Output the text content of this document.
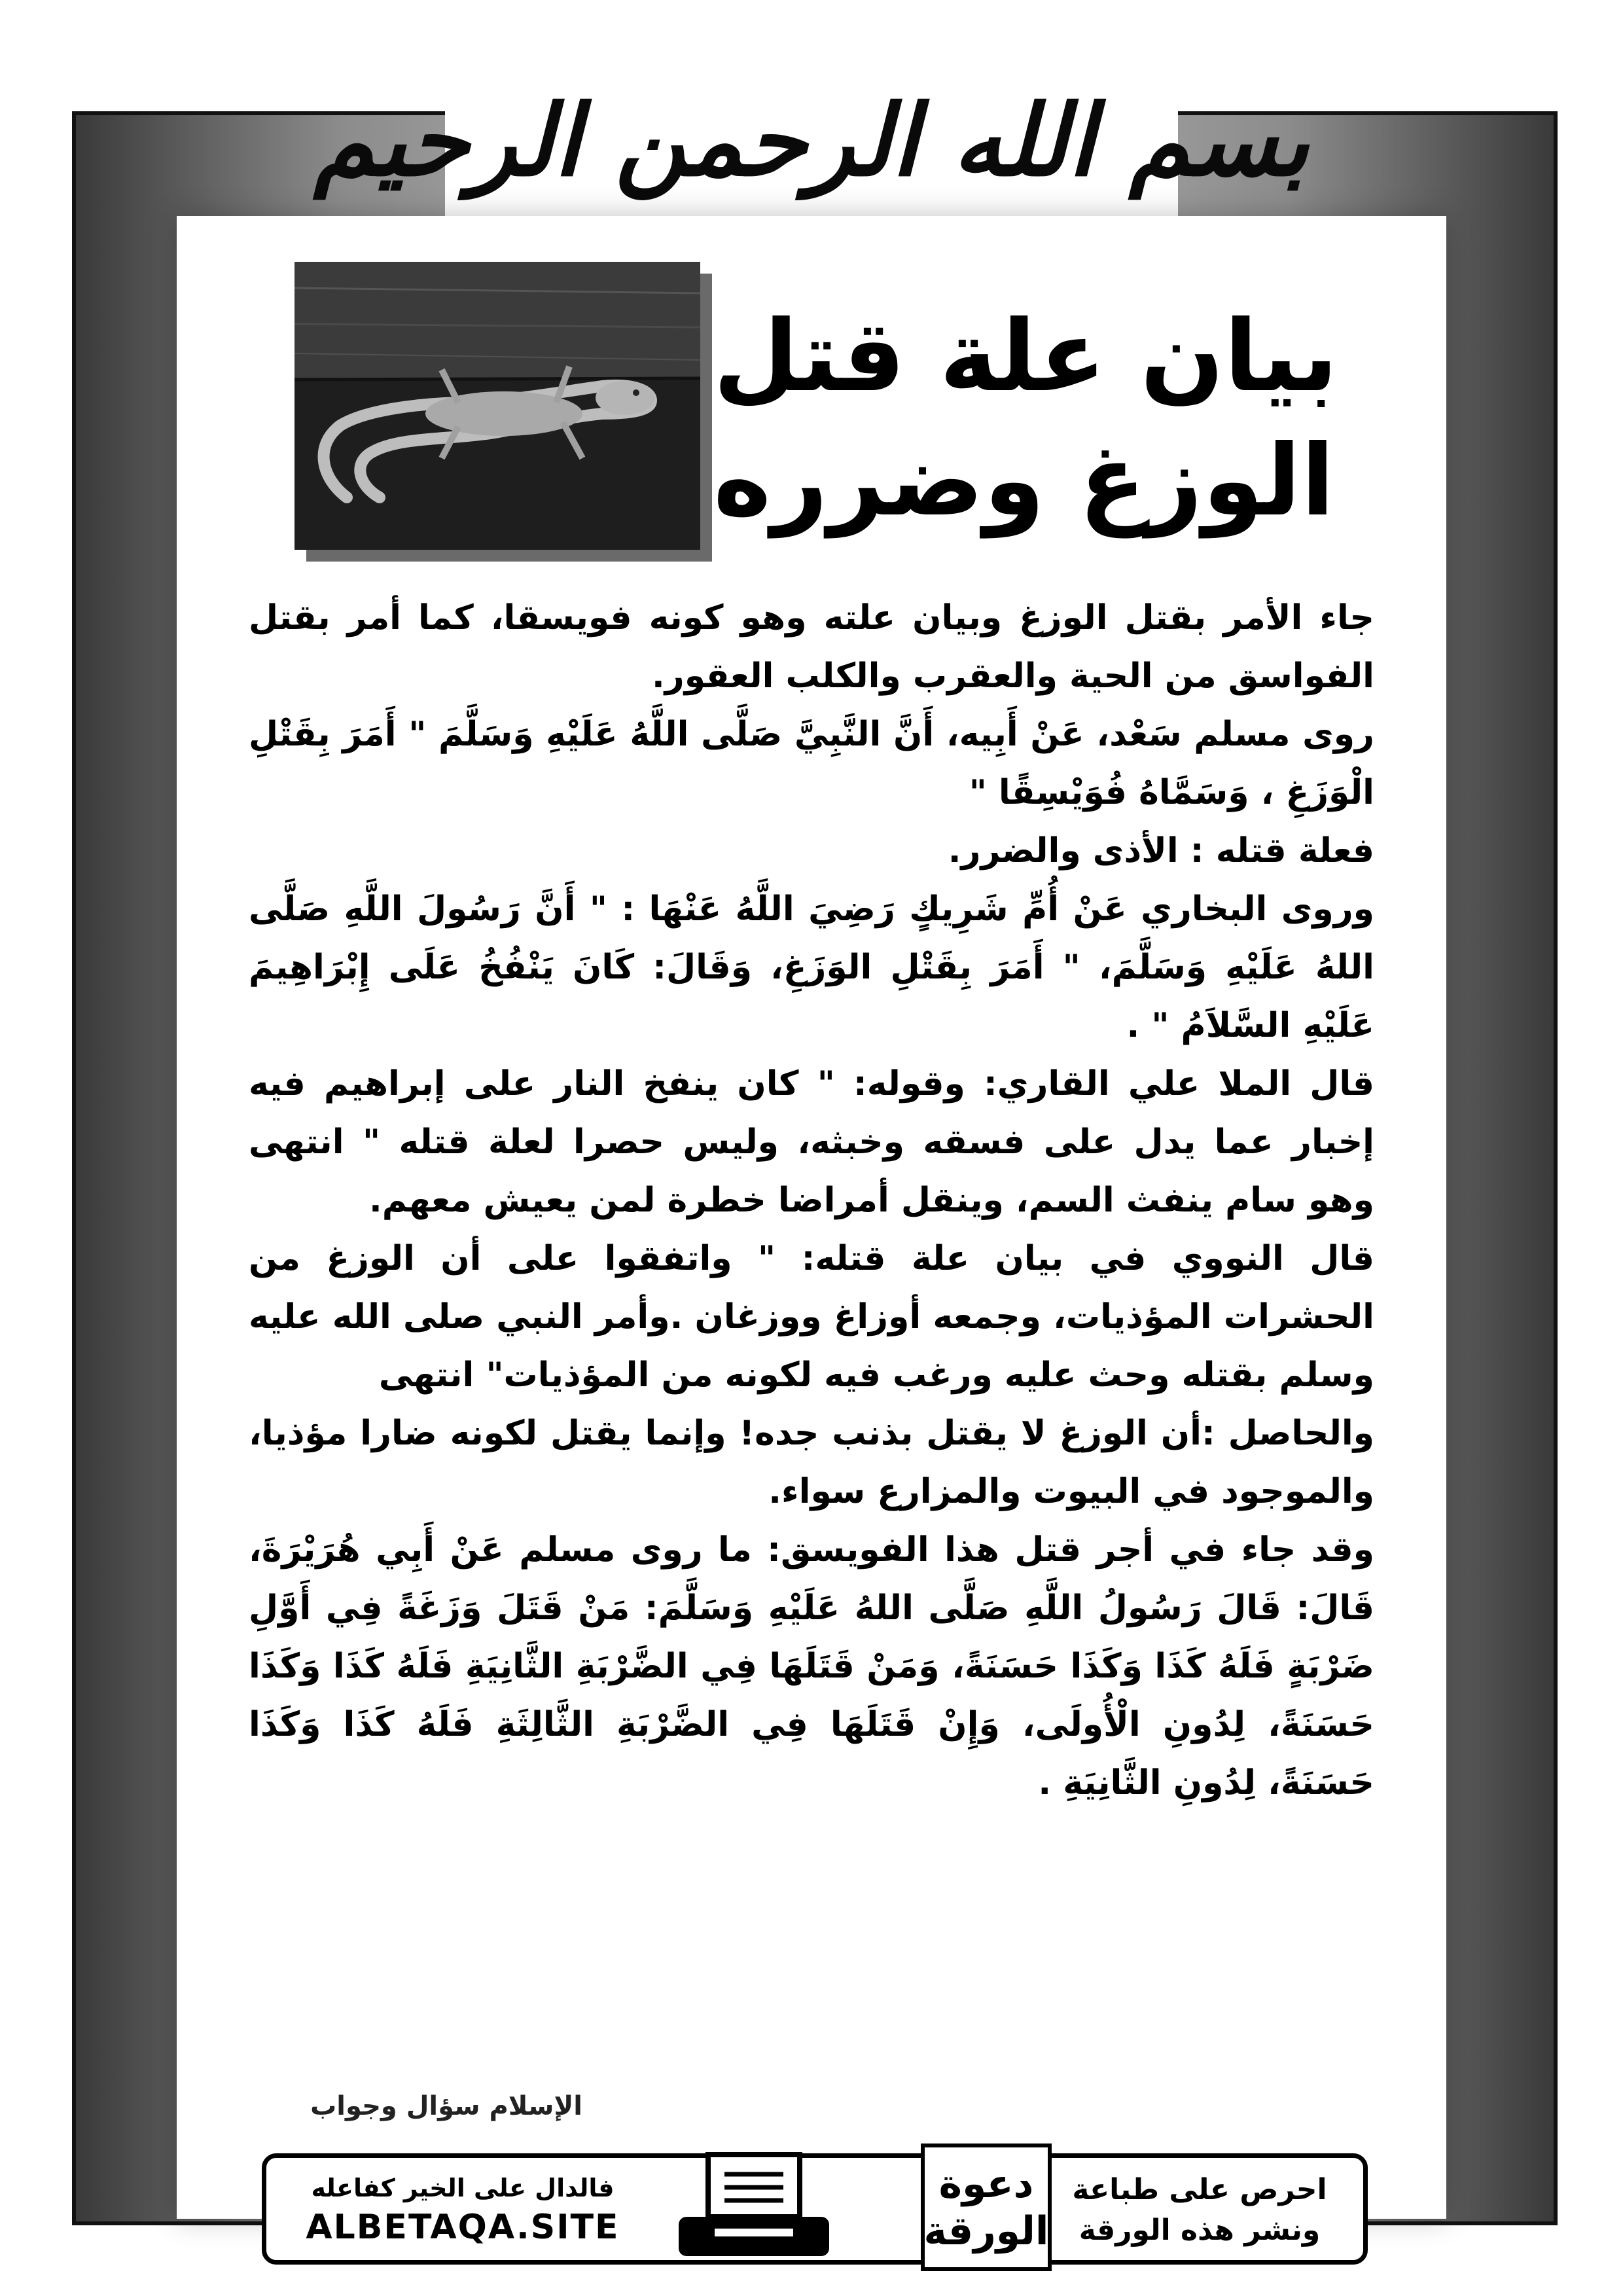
بسم الله الرحمن الرحيم
بيان علة قتل
الوزغ وضرره

جاء الأمر بقتل الوزغ وبيان علته وهو كونه فويسقا، كما أمر بقتل الفواسق من الحية والعقرب والكلب العقور.

روى مسلم سَعْد، عَنْ أَبِيه، أَنَّ النَّبِيَّ صَلَّى اللَّهُ عَلَيْهِ وَسَلَّمَ " أَمَرَ بِقَتْلِ الْوَزَغِ ، وَسَمَّاهُ فُوَيْسِقًا "

فعلة قتله : الأذى والضرر.

وروى البخاري عَنْ أُمِّ شَرِيكٍ رَضِيَ اللَّهُ عَنْهَا : " أَنَّ رَسُولَ اللَّهِ صَلَّى اللهُ عَلَيْهِ وَسَلَّمَ، " أَمَرَ بِقَتْلِ الوَزَغِ، وَقَالَ: كَانَ يَنْفُخُ عَلَى إِبْرَاهِيمَ عَلَيْهِ السَّلاَمُ " .

قال الملا علي القاري: وقوله: " كان ينفخ النار على إبراهيم فيه إخبار عما يدل على فسقه وخبثه، وليس حصرا لعلة قتله " انتهى وهو سام ينفث السم، وينقل أمراضا خطرة لمن يعيش معهم.

قال النووي في بيان علة قتله: " واتفقوا على أن الوزغ من الحشرات المؤذيات، وجمعه أوزاغ ووزغان .وأمر النبي صلى الله عليه وسلم بقتله وحث عليه ورغب فيه لكونه من المؤذيات" انتهى

والحاصل :أن الوزغ لا يقتل بذنب جده! وإنما يقتل لكونه ضارا مؤذيا، والموجود في البيوت والمزارع سواء.

وقد جاء في أجر قتل هذا الفويسق: ما روى مسلم عَنْ أَبِي هُرَيْرَةَ، قَالَ: قَالَ رَسُولُ اللَّهِ صَلَّى اللهُ عَلَيْهِ وَسَلَّمَ: مَنْ قَتَلَ وَزَغَةً فِي أَوَّلِ ضَرْبَةٍ فَلَهُ كَذَا وَكَذَا حَسَنَةً، وَمَنْ قَتَلَهَا فِي الضَّرْبَةِ الثَّانِيَةِ فَلَهُ كَذَا وَكَذَا حَسَنَةً، لِدُونِ الْأُولَى، وَإِنْ قَتَلَهَا فِي الضَّرْبَةِ الثَّالِثَةِ فَلَهُ كَذَا وَكَذَا حَسَنَةً، لِدُونِ الثَّانِيَةِ .

الإسلام سؤال وجواب
احرص على طباعة
ونشر هذه الورقة
دعوة
الورقة
فالدال على الخير كفاعله
ALBETAQA.SITE
